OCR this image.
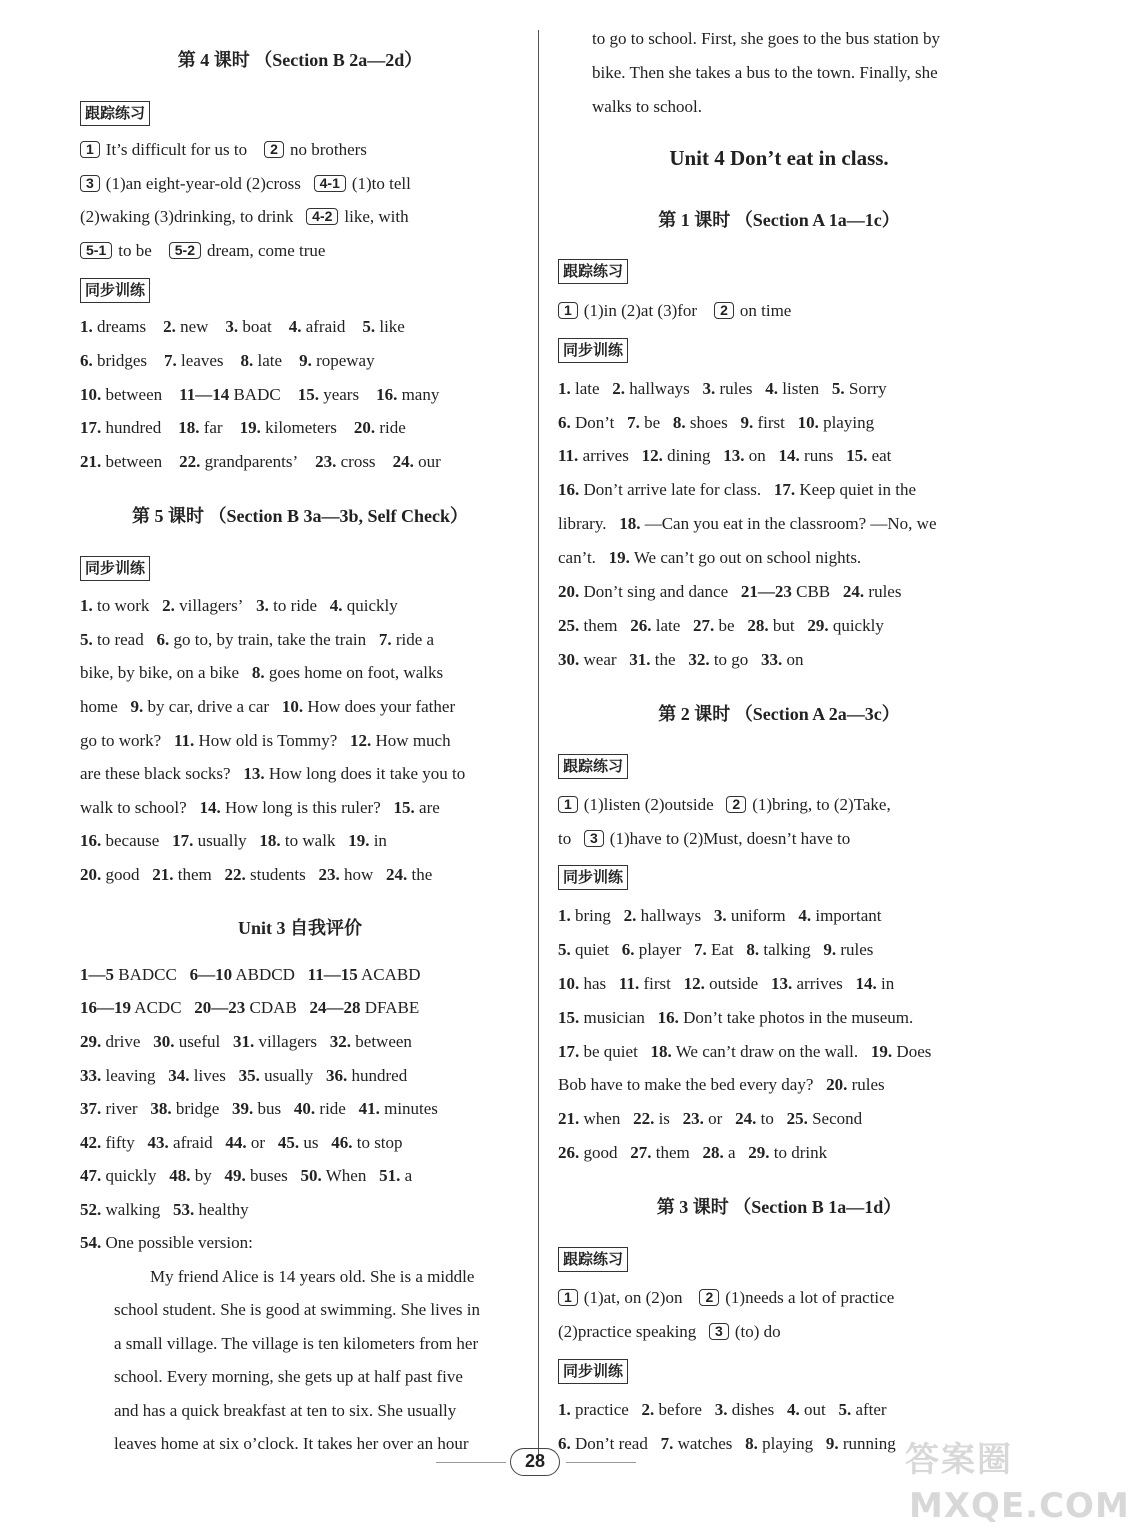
第 4 课时 （Section B 2a—2d）
跟踪练习
1 It’s difficult for us to 2 no brothers
3 (1)an eight-year-old (2)cross 4-1 (1)to tell
(2)waking (3)drinking, to drink 4-2 like, with
5-1 to be 5-2 dream, come true
同步训练
1. dreams 2. new 3. boat 4. afraid 5. like
6. bridges 7. leaves 8. late 9. ropeway
10. between 11—14 BADC 15. years 16. many
17. hundred 18. far 19. kilometers 20. ride
21. between 22. grandparents’ 23. cross 24. our
第 5 课时 （Section B 3a—3b, Self Check）
同步训练
1. to work   2. villagers’   3. to ride   4. quickly
5. to read   6. go to, by train, take the train   7. ride a
bike, by bike, on a bike   8. goes home on foot, walks
home   9. by car, drive a car   10. How does your father
go to work?   11. How old is Tommy?   12. How much
are these black socks?   13. How long does it take you to
walk to school?   14. How long is this ruler?   15. are
16. because   17. usually   18. to walk   19. in
20. good   21. them   22. students   23. how   24. the
Unit 3 自我评价
1—5 BADCC   6—10 ABDCD   11—15 ACABD
16—19 ACDC   20—23 CDAB   24—28 DFABE
29. drive   30. useful   31. villagers   32. between
33. leaving   34. lives   35. usually   36. hundred
37. river   38. bridge   39. bus   40. ride   41. minutes
42. fifty   43. afraid   44. or   45. us   46. to stop
47. quickly   48. by   49. buses   50. When   51. a
52. walking   53. healthy
54. One possible version:
My friend Alice is 14 years old. She is a middle
school student. She is good at swimming. She lives in
a small village. The village is ten kilometers from her
school. Every morning, she gets up at half past five
and has a quick breakfast at ten to six. She usually
leaves home at six o’clock. It takes her over an hour
to go to school. First, she goes to the bus station by
bike. Then she takes a bus to the town. Finally, she
walks to school.
Unit 4 Don’t eat in class.
第 1 课时 （Section A 1a—1c）
跟踪练习
1 (1)in (2)at (3)for 2 on time
同步训练
1. late   2. hallways   3. rules   4. listen   5. Sorry
6. Don’t   7. be   8. shoes   9. first   10. playing
11. arrives   12. dining   13. on   14. runs   15. eat
16. Don’t arrive late for class.   17. Keep quiet in the
library.   18. —Can you eat in the classroom? —No, we
can’t.   19. We can’t go out on school nights.
20. Don’t sing and dance   21—23 CBB   24. rules
25. them   26. late   27. be   28. but   29. quickly
30. wear   31. the   32. to go   33. on
第 2 课时 （Section A 2a—3c）
跟踪练习
1 (1)listen (2)outside 2 (1)bring, to (2)Take,
to 3 (1)have to (2)Must, doesn’t have to
同步训练
1. bring   2. hallways   3. uniform   4. important
5. quiet   6. player   7. Eat   8. talking   9. rules
10. has   11. first   12. outside   13. arrives   14. in
15. musician   16. Don’t take photos in the museum.
17. be quiet   18. We can’t draw on the wall.   19. Does
Bob have to make the bed every day?   20. rules
21. when   22. is   23. or   24. to   25. Second
26. good   27. them   28. a   29. to drink
第 3 课时 （Section B 1a—1d）
跟踪练习
1 (1)at, on (2)on 2 (1)needs a lot of practice
(2)practice speaking 3 (to) do
同步训练
1. practice   2. before   3. dishes   4. out   5. after
6. Don’t read   7. watches   8. playing   9. running
28	答案圈
MXQE.COM
